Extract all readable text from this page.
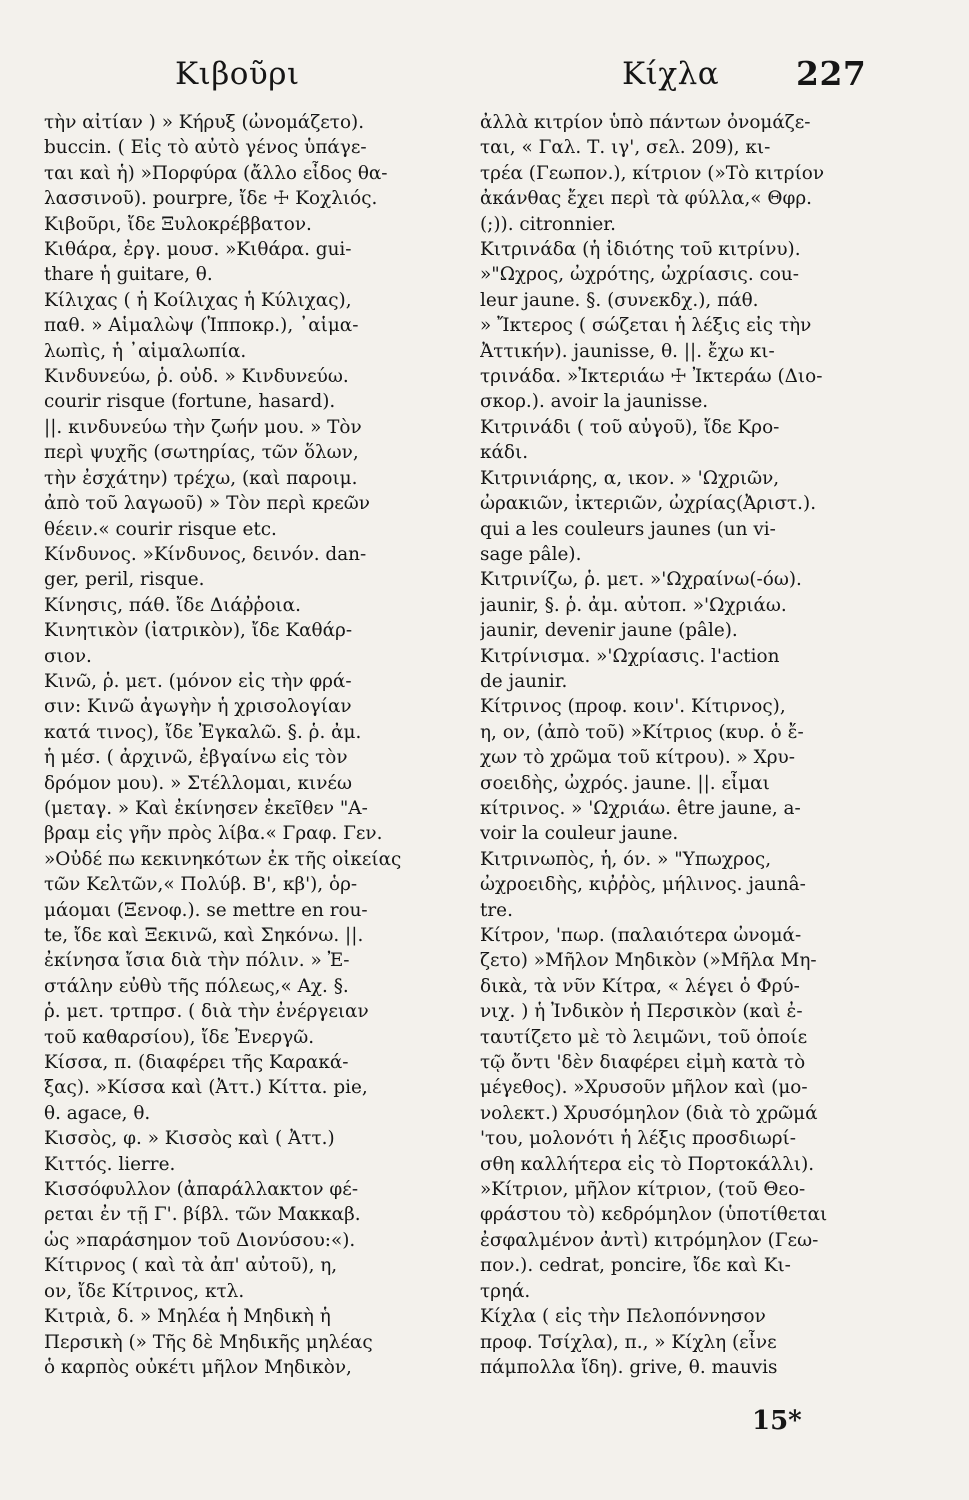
Κιβοῦρι	Κίχλα 227
τὴν αἰτίαν ) » Κήρυξ (ὠνομάζετο).
buccin. ( Εἰς τὸ αὐτὸ γένος ὑπάγε-
ται καὶ ἡ) »Πορφύρα (ἄλλο εἶδος θα-
λασσινοῦ). pourpre, ἴδε ☩ Κοχλιός.
Κιβοῦρι, ἴδε Ξυλοκρέββατον.
Κιθάρα, ἐργ. μουσ. »Κιθάρα. gui-
thare ἡ guitare, θ.
Κίλιχας ( ἡ Κοίλιχας ἡ Κύλιχας),
παθ. » Αἱμαλὼψ (Ἱπποκρ.), ᾿αἱμα-
λωπὶς, ἡ ᾿αἱμαλωπία.
Κινδυνεύω, ῥ. οὐδ. » Κινδυνεύω.
courir risque (fortune, hasard).
||. κινδυνεύω τὴν ζωήν μου. » Τὸν
περὶ ψυχῆς (σωτηρίας, τῶν ὅλων,
τὴν ἐσχάτην) τρέχω, (καὶ παροιμ.
ἀπὸ τοῦ λαγωοῦ) » Τὸν περὶ κρεῶν
θέειν.« courir risque etc.
Κίνδυνος. »Κίνδυνος, δεινόν. dan-
ger, peril, risque.
Κίνησις, πάθ. ἴδε Διάῤῥοια.
Κινητικὸν (ἰατρικὸν), ἴδε Καθάρ-
σιον.
Κινῶ, ῥ. μετ. (μόνον εἰς τὴν φρά-
σιν: Κινῶ ἀγωγὴν ἡ χρισολογίαν
κατά τινος), ἴδε Ἐγκαλῶ. §. ῥ. ἀμ.
ἡ μέσ. ( ἀρχινῶ, ἐβγαίνω εἰς τὸν
δρόμον μου). » Στέλλομαι, κινέω
(μεταγ. » Καὶ ἐκίνησεν ἐκεῖθεν "Α-
βραμ εἰς γῆν πρὸς λίβα.« Γραφ. Γεν.
»Οὐδέ πω κεκινηκότων ἐκ τῆς οἰκείας
τῶν Κελτῶν,« Πολύβ. Β', κβ'), ὁρ-
μάομαι (Ξενοφ.). se mettre en rou-
te, ἴδε καὶ Ξεκινῶ, καὶ Σηκόνω. ||.
ἐκίνησα ἴσια διὰ τὴν πόλιν. » Ἐ-
στάλην εὐθὺ τῆς πόλεως,« Αχ. §.
ῥ. μετ. τρτπρσ. ( διὰ τὴν ἐνέργειαν
τοῦ καθαρσίου), ἴδε Ἐνεργῶ.
Κίσσα, π. (διαφέρει τῆς Καρακά-
ξας). »Κίσσα καὶ (Ἀττ.) Κίττα. pie,
θ. agace, θ.
Κισσὸς, φ. » Κισσὸς καὶ ( Ἀττ.)
Κιττός. lierre.
Κισσόφυλλον (ἀπαράλλακτον φέ-
ρεται ἐν τῇ Γ'. βίβλ. τῶν Μακκαβ.
ὡς »παράσημον τοῦ Διονύσου:«).
Κίτιρνος ( καὶ τὰ ἀπ' αὐτοῦ), η,
ον, ἴδε Κίτρινος, κτλ.
Κιτριὰ, δ. » Μηλέα ἡ Μηδικὴ ἡ
Περσικὴ (» Τῆς δὲ Μηδικῆς μηλέας
ὁ καρπὸς οὐκέτι μῆλον Μηδικὸν,
ἀλλὰ κιτρίον ὑπὸ πάντων ὀνομάζε-
ται, « Γαλ. Τ. ιγ', σελ. 209), κι-
τρέα (Γεωπον.), κίτριον (»Τὸ κιτρίον
ἀκάνθας ἔχει περὶ τὰ φύλλα,« Θφρ.
(;)). citronnier.
Κιτρινάδα (ἡ ἰδιότης τοῦ κιτρίνυ).
»"Ωχρος, ὠχρότης, ὠχρίασις. cou-
leur jaune. §. (συνεκδχ.), πάθ.
» Ἴκτερος ( σώζεται ἡ λέξις εἰς τὴν
Ἀττικήν). jaunisse, θ. ||. ἔχω κι-
τρινάδα. »Ἰκτεριάω ☩ Ἰκτεράω (Διο-
σκορ.). avoir la jaunisse.
Κιτρινάδι ( τοῦ αὐγοῦ), ἴδε Κρο-
κάδι.
Κιτρινιάρης, α, ικον. » 'Ωχριῶν,
ὠρακιῶν, ἰκτεριῶν, ὠχρίας(Ἀριστ.).
qui a les couleurs jaunes (un vi-
sage pâle).
Κιτρινίζω, ῥ. μετ. »'Ωχραίνω(-όω).
jaunir, §. ῥ. ἀμ. αὐτοπ. »'Ωχριάω.
jaunir, devenir jaune (pâle).
Κιτρίνισμα. »'Ωχρίασις. l'action
de jaunir.
Κίτρινος (προφ. κοιν'. Κίτιρνος),
η, ον, (ἀπὸ τοῦ) »Κίτριος (κυρ. ὁ ἔ-
χων τὸ χρῶμα τοῦ κίτρου). » Χρυ-
σοειδὴς, ὠχρός. jaune. ||. εἶμαι
κίτρινος. » 'Ωχριάω. être jaune, a-
voir la couleur jaune.
Κιτρινωπὸς, ἡ, όν. » "Υπωχρος,
ὠχροειδὴς, κιῤῥὸς, μήλινος. jaunâ-
tre.
Κίτρον, 'πωρ. (παλαιότερα ὠνομά-
ζετο) »Μῆλον Μηδικὸν (»Μῆλα Μη-
δικὰ, τὰ νῦν Κίτρα, « λέγει ὁ Φρύ-
νιχ. ) ἡ Ἰνδικὸν ἡ Περσικὸν (καὶ ἐ-
ταυτίζετο μὲ τὸ λειμῶνι, τοῦ ὁποίε
τῷ ὄντι 'δὲν διαφέρει εἰμὴ κατὰ τὸ
μέγεθος). »Χρυσοῦν μῆλον καὶ (μο-
νολεκτ.) Χρυσόμηλον (διὰ τὸ χρῶμά
'του, μολονότι ἡ λέξις προσδιωρί-
σθη καλλήτερα εἰς τὸ Πορτοκάλλι).
»Κίτριον, μῆλον κίτριον, (τοῦ Θεο-
φράστου τὸ) κεδρόμηλον (ὑποτίθεται
ἐσφαλμένον ἀντὶ) κιτρόμηλον (Γεω-
πον.). cedrat, poncire, ἴδε καὶ Κι-
τρηά.
Κίχλα ( εἰς τὴν Πελοπόννησον
προφ. Τσίχλα), π., » Κίχλη (εἶνε
πάμπολλα ἴδη). grive, θ. mauvis
15*
